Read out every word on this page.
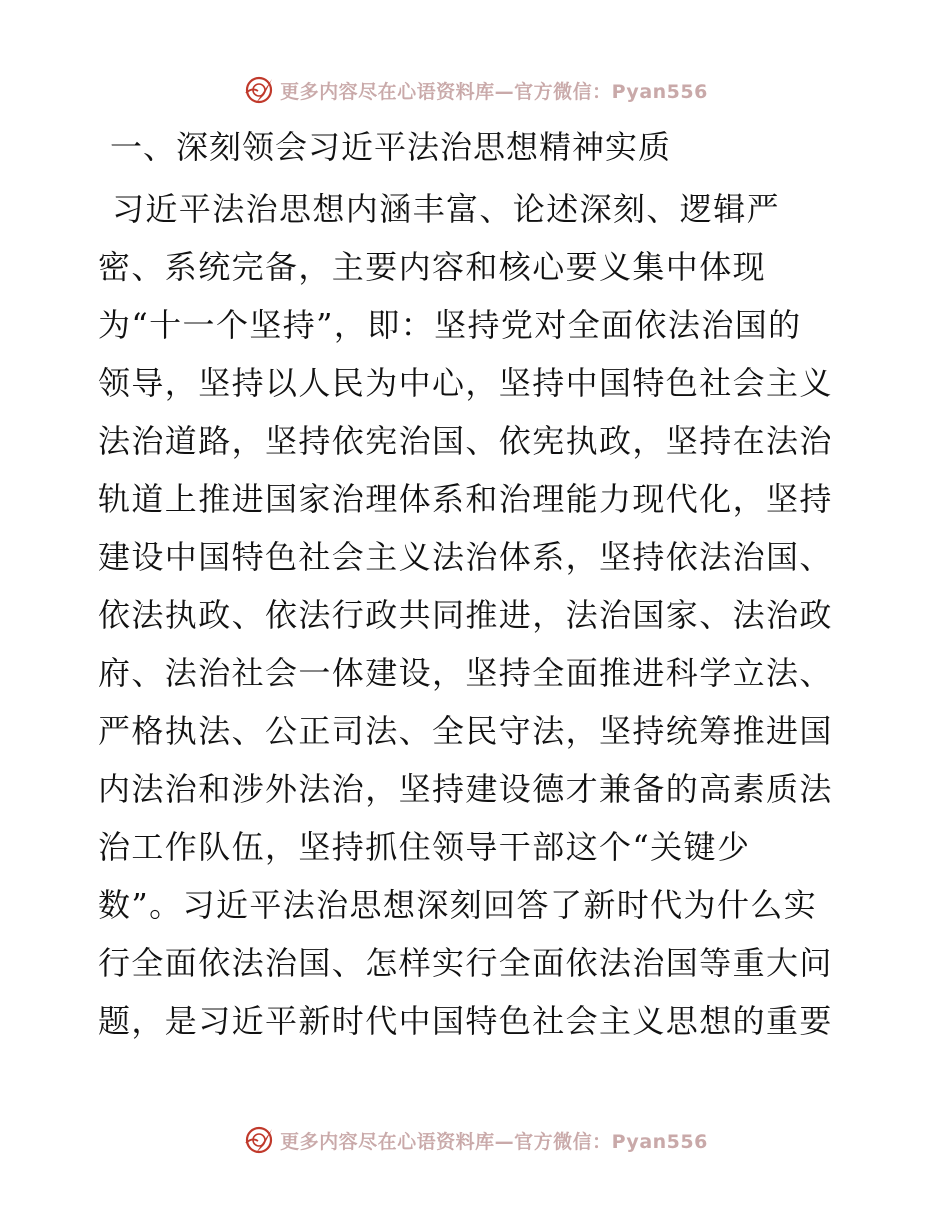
更多内容尽在心语资料库—官方微信：Pyan556
一、深刻领会习近平法治思想精神实质
习近平法治思想内涵丰富、论述深刻、逻辑严
密、系统完备，主要内容和核心要义集中体现
为“十一个坚持”，即：坚持党对全面依法治国的
领导，坚持以人民为中心，坚持中国特色社会主义
法治道路，坚持依宪治国、依宪执政，坚持在法治
轨道上推进国家治理体系和治理能力现代化，坚持
建设中国特色社会主义法治体系，坚持依法治国、
依法执政、依法行政共同推进，法治国家、法治政
府、法治社会一体建设，坚持全面推进科学立法、
严格执法、公正司法、全民守法，坚持统筹推进国
内法治和涉外法治，坚持建设德才兼备的高素质法
治工作队伍，坚持抓住领导干部这个“关键少
数”。习近平法治思想深刻回答了新时代为什么实
行全面依法治国、怎样实行全面依法治国等重大问
题，是习近平新时代中国特色社会主义思想的重要
更多内容尽在心语资料库—官方微信：Pyan556
